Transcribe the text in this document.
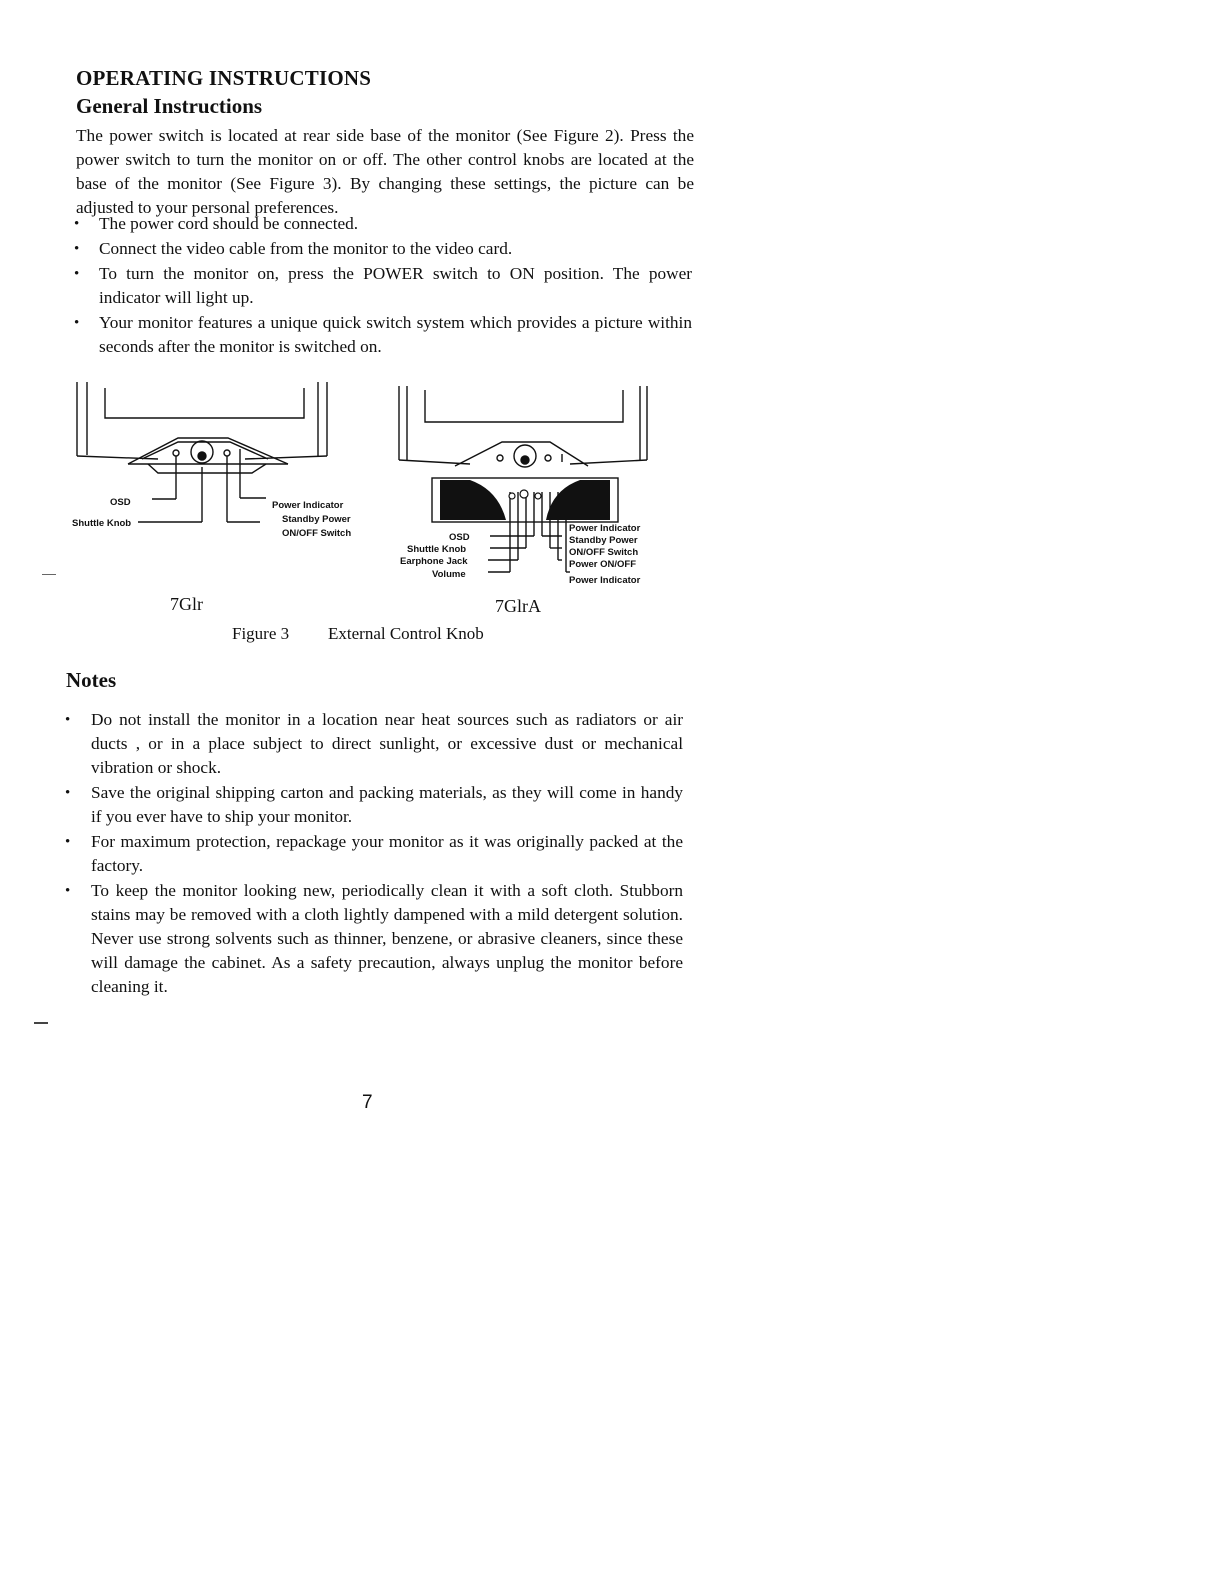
OPERATING INSTRUCTIONS
General Instructions
The power switch is located at rear side base of the monitor (See Figure 2). Press the power switch to turn the monitor on or off. The other control knobs are located at the base of the monitor (See Figure 3). By changing these settings, the picture can be adjusted to your personal preferences.
• The power cord should be connected.
• Connect the video cable from the monitor to the video card.
• To turn the monitor on, press the POWER switch to ON position. The power indicator will light up.
• Your monitor features a unique quick switch system which provides a picture within seconds after the monitor is switched on.
OSD
Shuttle Knob
Power Indicator
Standby Power
ON/OFF Switch	OSD
Shuttle Knob
Earphone Jack
Volume
Power Indicator
Standby Power
ON/OFF Switch
Power ON/OFF
Power Indicator
7Glr	7GlrA
Figure 3 External Control Knob
Notes
• Do not install the monitor in a location near heat sources such as radiators or air ducts , or in a place subject to direct sunlight, or excessive dust or mechanical vibration or shock.
• Save the original shipping carton and packing materials, as they will come in handy if you ever have to ship your monitor.
• For maximum protection, repackage your monitor as it was originally packed at the factory.
• To keep the monitor looking new, periodically clean it with a soft cloth. Stubborn stains may be removed with a cloth lightly dampened with a mild detergent solution. Never use strong solvents such as thinner, benzene, or abrasive cleaners, since these will damage the cabinet. As a safety precaution, always unplug the monitor before cleaning it.
7
